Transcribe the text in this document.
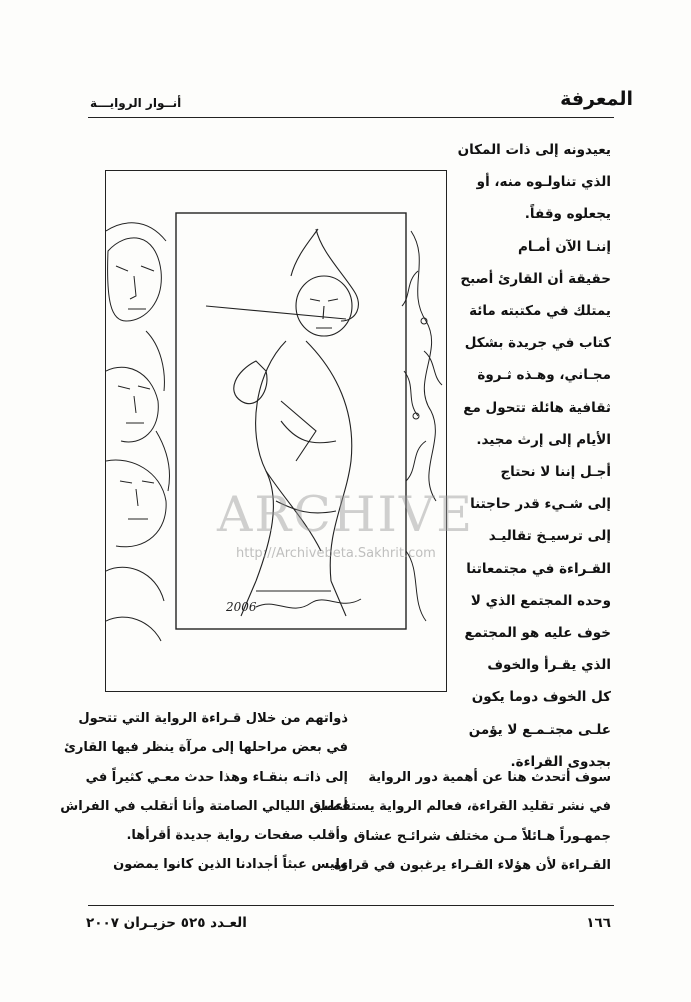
المعرفة
أنــوار الروايـــة
2006
ARCHIVE
http://Archivebeta.Sakhrit.com

يعيدونه إلى ذات المكان

الذي تناولـوه منه، أو

يجعلوه وقفاً.

إننـا الآن أمـام

حقيقة أن القارئ أصبح

يمتلك في مكتبته مائة

كتاب في جريدة بشكل

مجـاني، وهـذه ثـروة

ثقافية هائلة تتحول مع

الأيام إلى إرث مجيد.

أجـل إننا لا نحتاج

إلى شـيء قدر حاجتنا

إلى ترسيـخ تقاليـد

القـراءة في مجتمعاتنا

وحده المجتمع الذي لا

خوف عليه هو المجتمع

الذي يقـرأ والخوف

كل الخوف دوما يكون

علـى مجتـمـع لا يؤمن

بجدوى القراءة.

ذواتهم من خلال قـراءة الرواية التي تتحول

في بعض مراحلها إلى مرآة ينظر فيها القارئ

إلى ذاتـه بنقـاء وهذا حدث معـي كثيراً في

أعماق الليالي الصامتة وأنا أتقلب في الفراش

وأقلب صفحات رواية جديدة أقرأها.

وليس عبثاً أجدادنا الذين كانوا يمضون

سوف أتحدث هنا عن أهمية دور الرواية

في نشر تقليد القراءة، فعالم الرواية يستقطب

جمهـوراً هـائلاً مـن مختلف شرائـح عشاق

القـراءة لأن هؤلاء القـراء يرغبون في قراءة

العـدد ٥٢٥ حزيـران ٢٠٠٧	١٦٦
